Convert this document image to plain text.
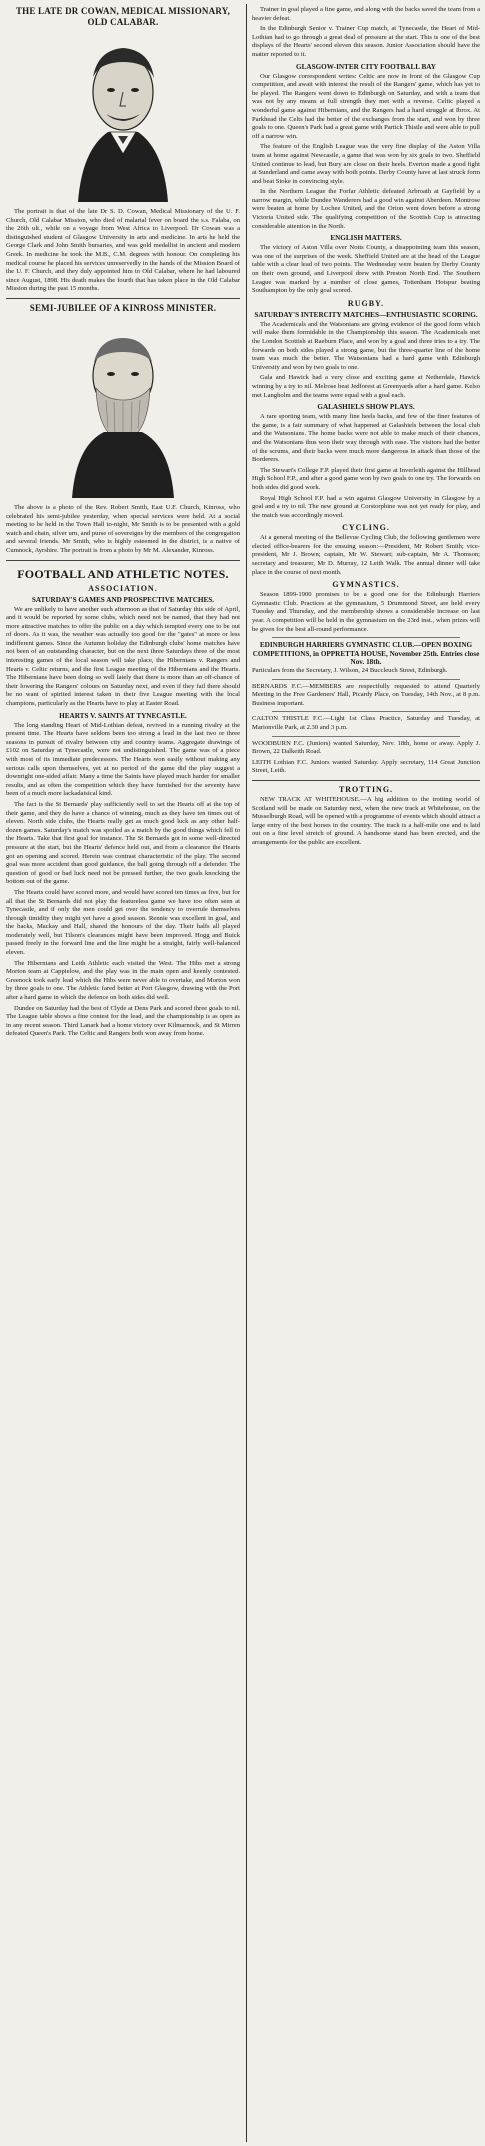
THE LATE DR COWAN, MEDICAL MISSIONARY, OLD CALABAR.

The portrait is that of the late Dr S. D. Cowan, Medical Missionary of the U. F. Church, Old Calabar Mission, who died of malarial fever on board the s.s. Falaba, on the 26th ult., while on a voyage from West Africa to Liverpool. Dr Cowan was a distinguished student of Glasgow University in arts and medicine. In arts he held the George Clark and John Smith bursaries, and was gold medallist in ancient and modern Greek. In medicine he took the M.B., C.M. degrees with honour. On completing his medical course he placed his services unreservedly in the hands of the Mission Board of the U. F. Church, and they duly appointed him to Old Calabar, where he had laboured since August, 1898. His death makes the fourth that has taken place in the Old Calabar Mission during the past 15 months.

SEMI-JUBILEE OF A KINROSS MINISTER.

The above is a photo of the Rev. Robert Smith, East U.F. Church, Kinross, who celebrated his semi-jubilee yesterday, when special services were held. At a social meeting to be held in the Town Hall to-night, Mr Smith is to be presented with a gold watch and chain, silver urn, and purse of sovereigns by the members of the congregation and several friends. Mr Smith, who is highly esteemed in the district, is a native of Cumnock, Ayrshire. The portrait is from a photo by Mr M. Alexander, Kinross.

FOOTBALL AND ATHLETIC NOTES.
ASSOCIATION.
SATURDAY'S GAMES AND PROSPECTIVE MATCHES.

We are unlikely to have another such afternoon as that of Saturday this side of April, and it would be reported by some clubs, which need not be named, that they had not more attractive matches to offer the public on a day which tempted every one to be out of doors. As it was, the weather was actually too good for the "gates" at more or less indifferent games. Since the Autumn holiday the Edinburgh clubs' home matches have not been of an outstanding character, but on the next three Saturdays three of the most interesting games of the local season will take place, the Hibernians v. Rangers and Hearts v. Celtic returns, and the first League meeting of the Hibernians and the Hearts. The Hibernians have been doing so well lately that there is more than an off-chance of their lowering the Rangers' colours on Saturday next, and even if they fail there should be no want of spirited interest taken in their five League meeting with the local champions, particularly as the Hearts have to play at Easter Road.

HEARTS V. SAINTS AT TYNECASTLE.

The long standing Heart of Mid-Lothian defeat, revived in a running rivalry at the present time. The Hearts have seldom been too strong a lead in the last two or three seasons in pursuit of rivalry between city and country teams. Aggregate drawings of £102 on Saturday at Tynecastle, were not undistinguished. The game was of a piece with most of its immediate predecessors. The Hearts won easily without making any serious calls upon themselves, yet at no period of the game did the play suggest a downright one-sided affair. Many a time the Saints have played much harder for smaller results, and as often the competition which they have furnished for the seventy have been of a much more lackadaisical kind.

The fact is the St Bernards' play sufficiently well to set the Hearts off at the top of their game, and they do have a chance of winning, much as they have ten times out of eleven. North side clubs, the Hearts really get as much good luck as any other half-dozen games. Saturday's match was spoiled as a match by the good things which fell to the Hearts. Take that first goal for instance. The St Bernards got in some well-directed pressure at the start, but the Hearts' defence held out, and from a clearance the Hearts got an opening and scored. Herein was contrast characteristic of the play. The second goal was more accident than good guidance, the ball going through off a defender. The question of good or bad luck need not be pressed further, the two goals knocking the bottom out of the game.

The Hearts could have scored more, and would have scored ten times as five, but for all that the St Bernards did not play the featureless game we have too often seen at Tynecastle, and if only the men could get over the tendency to overrule themselves through timidity they might yet have a good season. Rennie was excellent in goal, and the backs, Mackay and Hall, shared the honours of the day. Their halfs all played moderately well, but Tilson's clearances might have been improved. Hogg and Buick passed freely in the forward line and the line might be a straight, fairly well-balanced eleven.

The Hibernians and Leith Athletic each visited the West. The Hibs met a strong Morton team at Cappielow, and the play was in the main open and keenly contested. Greenock took early lead which the Hibs were never able to overtake, and Morton won by three goals to one. The Athletic fared better at Port Glasgow, drawing with the Port after a hard game in which the defence on both sides did well.

Dundee on Saturday had the best of Clyde at Dens Park and scored three goals to nil. The League table shows a fine contest for the lead, and the championship is as open as in any recent season. Third Lanark had a home victory over Kilmarnock, and St Mirren defeated Queen's Park. The Celtic and Rangers both won away from home.

Trainer in goal played a fine game, and along with the backs saved the team from a heavier defeat.

In the Edinburgh Senior v. Trainer Cup match, at Tynecastle, the Heart of Mid-Lothian had to go through a great deal of pressure at the start. This is one of the best displays of the Hearts' second eleven this season. Junior Association should have the matter reported to it.

GLASGOW-INTER CITY FOOTBALL BAY

Our Glasgow correspondent writes: Celtic are now in front of the Glasgow Cup competition, and await with interest the result of the Rangers' game, which has yet to be played. The Rangers went down to Edinburgh on Saturday, and with a team that was not by any means at full strength they met with a reverse. Celtic played a wonderful game against Hibernians, and the Rangers had a hard struggle at Ibrox. At Parkhead the Celts had the better of the exchanges from the start, and won by three goals to one. Queen's Park had a great game with Partick Thistle and were able to pull off a narrow win.

The feature of the English League was the very fine display of the Aston Villa team at home against Newcastle, a game that was won by six goals to two. Sheffield United continue to lead, but Bury are close on their heels. Everton made a good fight at Sunderland and came away with both points. Derby County have at last struck form and beat Stoke in convincing style.

In the Northern League the Forfar Athletic defeated Arbroath at Gayfield by a narrow margin, while Dundee Wanderers had a good win against Aberdeen. Montrose were beaten at home by Lochee United, and the Orion went down before a strong Victoria United side. The qualifying competition of the Scottish Cup is attracting considerable attention in the North.

ENGLISH MATTERS.

The victory of Aston Villa over Notts County, a disappointing team this season, was one of the surprises of the week. Sheffield United are at the head of the League table with a clear lead of two points. The Wednesday were beaten by Derby County on their own ground, and Liverpool drew with Preston North End. The Southern League was marked by a number of close games, Tottenham Hotspur beating Southampton by the only goal scored.

RUGBY.
SATURDAY'S INTERCITY MATCHES—ENTHUSIASTIC SCORING.

The Academicals and the Watsonians are giving evidence of the good form which will make them formidable in the Championship this season. The Academicals met the London Scottish at Raeburn Place, and won by a goal and three tries to a try. The forwards on both sides played a strong game, but the three-quarter line of the home team was much the better. The Watsonians had a hard game with Edinburgh University and won by two goals to one.

Gala and Hawick had a very close and exciting game at Netherdale, Hawick winning by a try to nil. Melrose beat Jedforest at Greenyards after a hard game. Kelso met Langholm and the teams were equal with a goal each.

GALASHIELS SHOW PLAYS.

A rare sporting team, with many fine heels backs, and few of the finer features of the game, is a fair summary of what happened at Galashiels between the local club and the Watsonians. The home backs were not able to make much of their chances, and the Watsonians thus won their way through with ease. The visitors had the better of the scrums, and their backs were much more dangerous in attack than those of the Borderers.

The Stewart's College F.P. played their first game at Inverleith against the Hillhead High School F.P., and after a good game won by two goals to one try. The forwards on both sides did good work.

Royal High School F.P. had a win against Glasgow University in Glasgow by a goal and a try to nil. The new ground at Corstorphine was not yet ready for play, and the match was accordingly moved.

CYCLING.

At a general meeting of the Bellevue Cycling Club, the following gentlemen were elected office-bearers for the ensuing season:—President, Mr Robert Smith; vice-president, Mr J. Brown; captain, Mr W. Stewart; sub-captain, Mr A. Thomson; secretary and treasurer, Mr D. Murray, 12 Leith Walk. The annual dinner will take place in the course of next month.

GYMNASTICS.

Season 1899-1900 promises to be a good one for the Edinburgh Harriers Gymnastic Club. Practices at the gymnasium, 5 Drummond Street, are held every Tuesday and Thursday, and the membership shows a considerable increase on last year. A competition will be held in the gymnasium on the 23rd inst., when prizes will be given for the best all-round performance.

EDINBURGH HARRIERS GYMNASTIC CLUB.—OPEN BOXING COMPETITIONS, in OPPRETTA HOUSE, November 25th. Entries close Nov. 18th.

Particulars from the Secretary, J. Wilson, 24 Buccleuch Street, Edinburgh.

BERNARDS F.C.—MEMBERS are respectfully requested to attend Quarterly Meeting in the Free Gardeners' Hall, Picardy Place, on Tuesday, 14th Nov., at 8 p.m. Business important.

CALTON THISTLE F.C.—Light 1st Class Practice, Saturday and Tuesday, at Marionville Park, at 2.30 and 3 p.m.

WOODBURN F.C. (Juniors) wanted Saturday, Nov. 18th, home or away. Apply J. Brown, 22 Dalkeith Road.

LEITH Lothian F.C. Juniors wanted Saturday. Apply secretary, 114 Great Junction Street, Leith.

TROTTING.

NEW TRACK AT WHITEHOUSE.—A big addition to the trotting world of Scotland will be made on Saturday next, when the new track at Whitehouse, on the Musselburgh Road, will be opened with a programme of events which should attract a large entry of the best horses in the country. The track is a half-mile one and is laid out on a fine level stretch of ground. A handsome stand has been erected, and the arrangements for the public are excellent.
